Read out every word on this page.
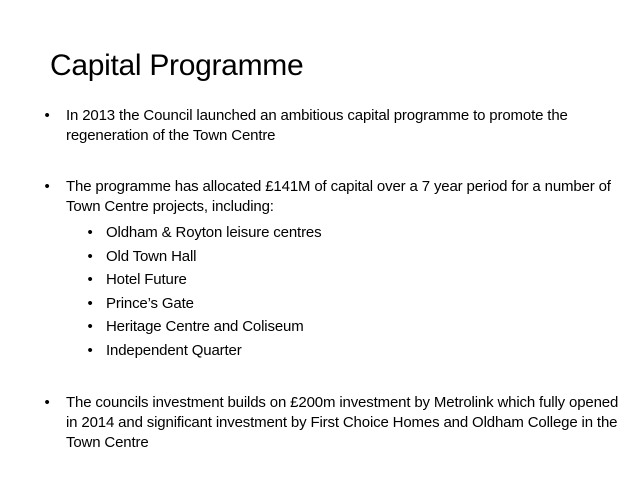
Capital Programme
• In 2013 the Council launched an ambitious capital programme to promote the regeneration of the Town Centre
• The programme has allocated £141M of capital over a 7 year period for a number of Town Centre projects, including:
• Oldham & Royton leisure centres
• Old Town Hall
• Hotel Future
• Prince’s Gate
• Heritage Centre and Coliseum
• Independent Quarter
• The councils investment builds on £200m investment by Metrolink which fully opened in 2014 and significant investment by First Choice Homes and Oldham College in the Town Centre
